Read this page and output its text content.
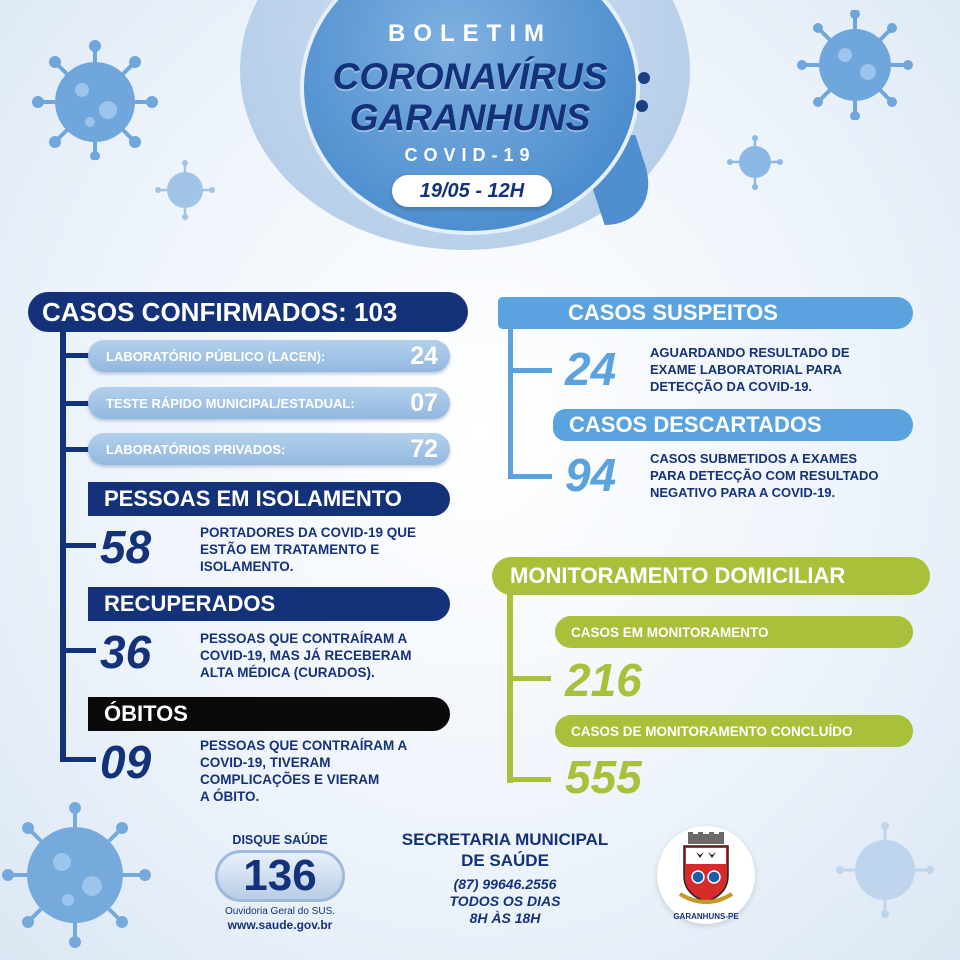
BOLETIM
CORONAVÍRUS
GARANHUNS
COVID-19
19/05 - 12H
CASOS CONFIRMADOS: 103
LABORATÓRIO PÚBLICO (LACEN):	24
TESTE RÁPIDO MUNICIPAL/ESTADUAL: 07
LABORATÓRIOS PRIVADOS:	72
PESSOAS EM ISOLAMENTO
58	PORTADORES DA COVID-19 QUE
ESTÃO EM TRATAMENTO E
ISOLAMENTO.
RECUPERADOS
36	PESSOAS QUE CONTRAÍRAM A
COVID-19, MAS JÁ RECEBERAM
ALTA MÉDICA (CURADOS).
ÓBITOS
09	PESSOAS QUE CONTRAÍRAM A
COVID-19, TIVERAM
COMPLICAÇÕES E VIERAM
A ÓBITO.
CASOS SUSPEITOS
24	AGUARDANDO RESULTADO DE
EXAME LABORATORIAL PARA
DETECÇÃO DA COVID-19.
CASOS DESCARTADOS
94	CASOS SUBMETIDOS A EXAMES
PARA DETECÇÃO COM RESULTADO
NEGATIVO PARA A COVID-19.
MONITORAMENTO DOMICILIAR
CASOS EM MONITORAMENTO
216
CASOS DE MONITORAMENTO CONCLUÍDO
555
DISQUE SAÚDE
136
Ouvidoria Geral do SUS.
www.saude.gov.br
SECRETARIA MUNICIPAL
DE SAÚDE
(87) 99646.2556
TODOS OS DIAS
8H ÀS 18H	GARANHUNS-PE
